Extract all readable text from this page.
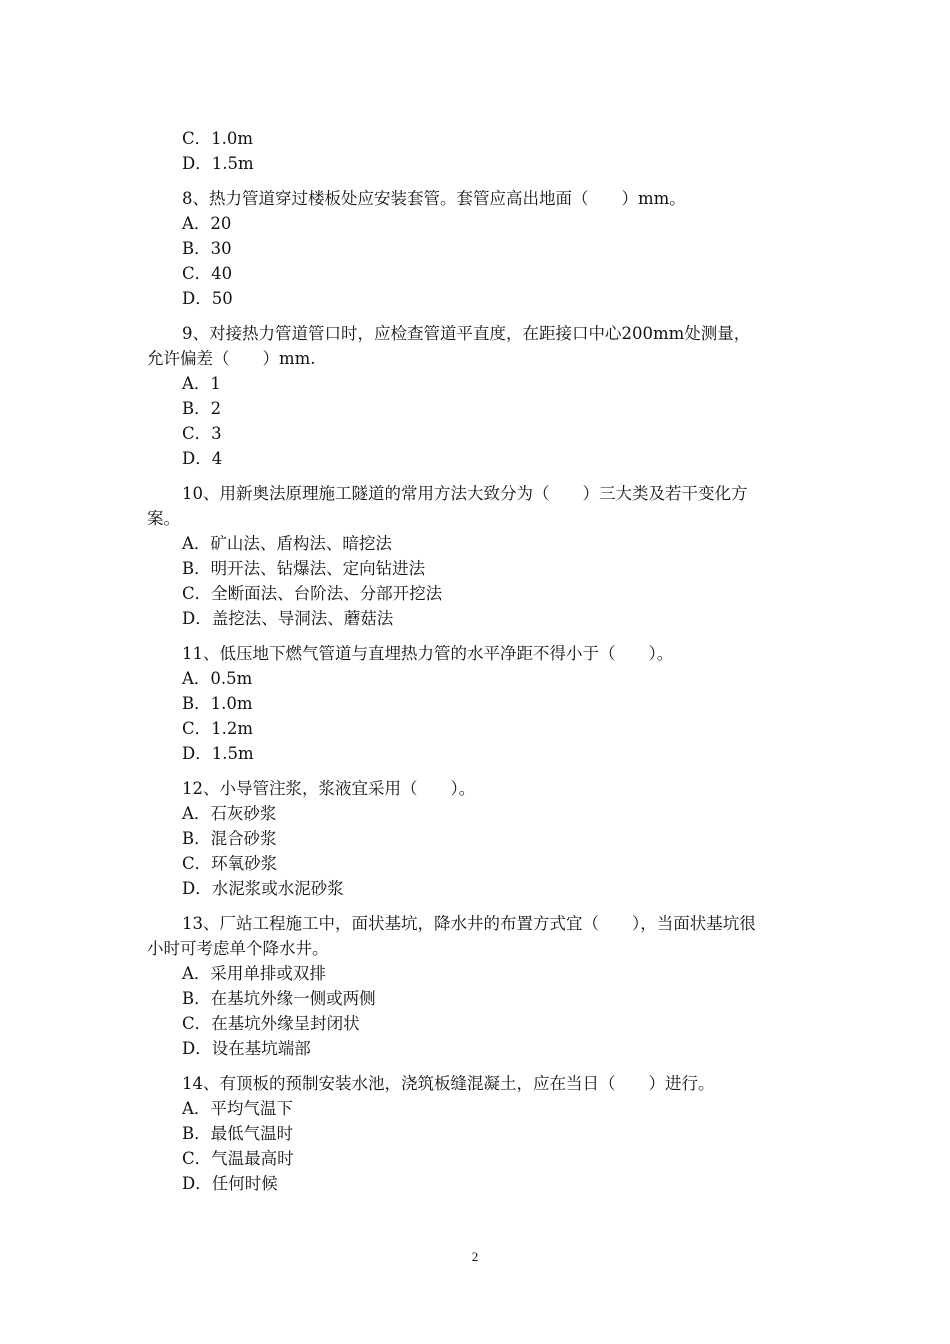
C．1.0m
D．1.5m
8、热力管道穿过楼板处应安装套管。套管应高出地面（　　）mm。
A．20
B．30
C．40
D．50
9、对接热力管道管口时，应检查管道平直度，在距接口中心200mm处测量，
允许偏差（　　）mm.
A．1
B．2
C．3
D．4
10、用新奥法原理施工隧道的常用方法大致分为（　　）三大类及若干变化方
案。
A．矿山法、盾构法、暗挖法
B．明开法、钻爆法、定向钻进法
C．全断面法、台阶法、分部开挖法
D．盖挖法、导洞法、蘑菇法
11、低压地下燃气管道与直埋热力管的水平净距不得小于（　　）。
A．0.5m
B．1.0m
C．1.2m
D．1.5m
12、小导管注浆，浆液宜采用（　　）。
A．石灰砂浆
B．混合砂浆
C．环氧砂浆
D．水泥浆或水泥砂浆
13、厂站工程施工中，面状基坑，降水井的布置方式宜（　　），当面状基坑很
小时可考虑单个降水井。
A．采用单排或双排
B．在基坑外缘一侧或两侧
C．在基坑外缘呈封闭状
D．设在基坑端部
14、有顶板的预制安装水池，浇筑板缝混凝土，应在当日（　　）进行。
A．平均气温下
B．最低气温时
C．气温最高时
D．任何时候
2
